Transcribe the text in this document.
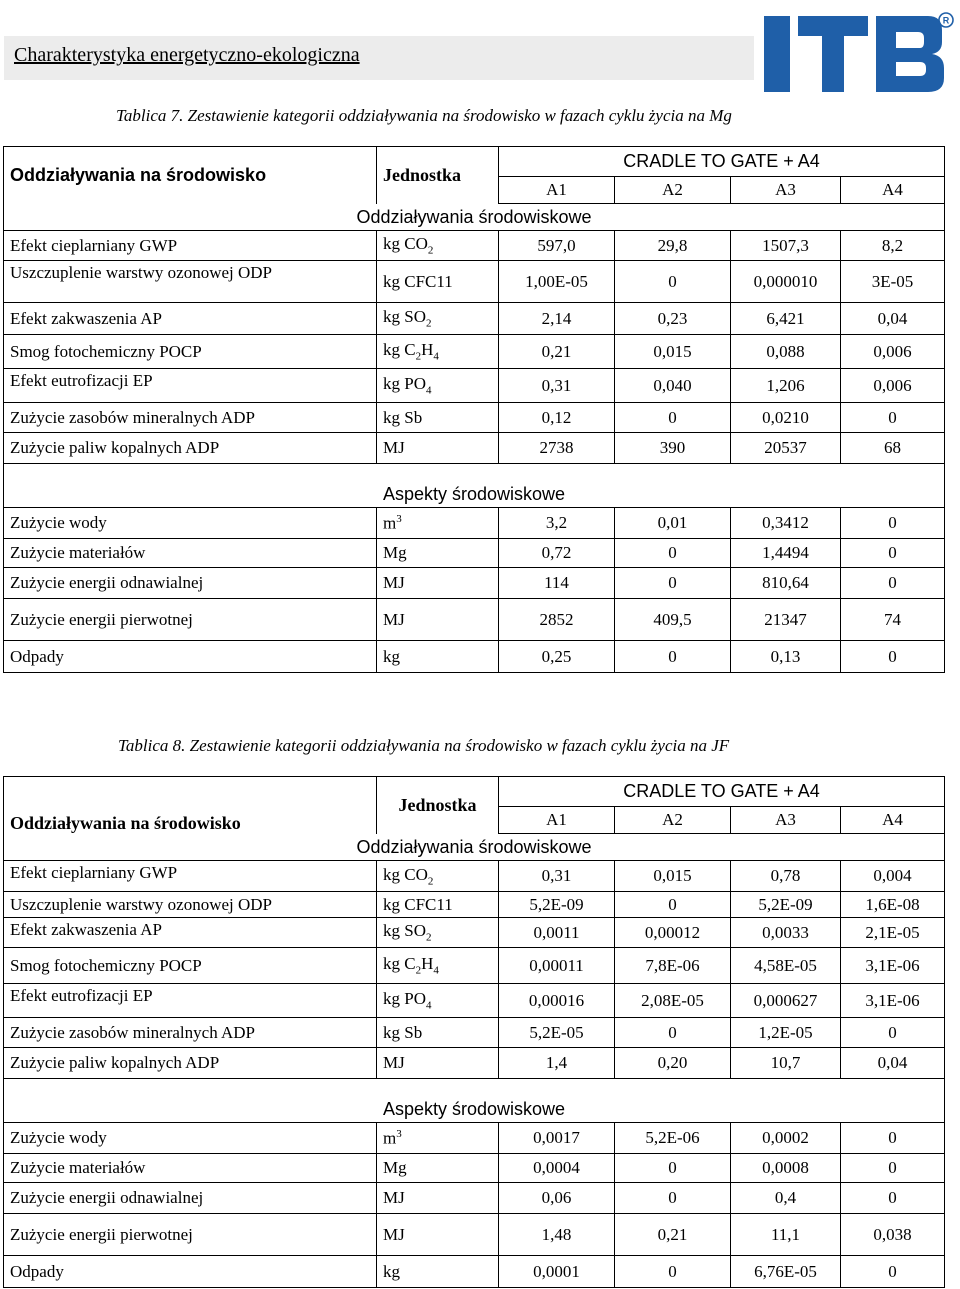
Charakterystyka energetyczno-ekologiczna
R
Tablica 7. Zestawienie kategorii oddziaływania na środowisko w fazach cyklu życia na Mg
Oddziaływania na środowisko	Jednostka	CRADLE TO GATE + A4			
		A1	A2	A3	A4
Oddziaływania środowiskowe					
Efekt cieplarniany GWP	kg $CO_2$	597,0	29,8	1507,3	8,2
Uszczuplenie warstwy ozonowej ODP	kg CFC11	1,00E-05	0	0,000010	3E-05
Efekt zakwaszenia AP	kg $SO_2$	2,14	0,23	6,421	0,04
Smog fotochemiczny POCP	kg $C_2H_4$	0,21	0,015	0,088	0,006
Efekt eutrofizacji EP	kg $PO_4$	0,31	0,040	1,206	0,006
Zużycie zasobów mineralnych ADP	kg Sb	0,12	0	0,0210	0
Zużycie paliw kopalnych ADP	MJ	2738	390	20537	68
Aspekty środowiskowe					
Zużycie wody	$m^3$	3,2	0,01	0,3412	0
Zużycie materiałów	Mg	0,72	0	1,4494	0
Zużycie energii odnawialnej	MJ	114	0	810,64	0
Zużycie energii pierwotnej	MJ	2852	409,5	21347	74
Odpady	kg	0,25	0	0,13	0
Tablica 8. Zestawienie kategorii oddziaływania na środowisko w fazach cyklu życia na JF
Oddziaływania na środowisko	Jednostka	CRADLE TO GATE + A4			
		A1	A2	A3	A4
Oddziaływania środowiskowe					
Efekt cieplarniany GWP	kg $CO_2$	0,31	0,015	0,78	0,004
Uszczuplenie warstwy ozonowej ODP	kg CFC11	5,2E-09	0	5,2E-09	1,6E-08
Efekt zakwaszenia AP	kg $SO_2$	0,0011	0,00012	0,0033	2,1E-05
Smog fotochemiczny POCP	kg $C_2H_4$	0,00011	7,8E-06	4,58E-05	3,1E-06
Efekt eutrofizacji EP	kg $PO_4$	0,00016	2,08E-05	0,000627	3,1E-06
Zużycie zasobów mineralnych ADP	kg Sb	5,2E-05	0	1,2E-05	0
Zużycie paliw kopalnych ADP	MJ	1,4	0,20	10,7	0,04
Aspekty środowiskowe					
Zużycie wody	$m^3$	0,0017	5,2E-06	0,0002	0
Zużycie materiałów	Mg	0,0004	0	0,0008	0
Zużycie energii odnawialnej	MJ	0,06	0	0,4	0
Zużycie energii pierwotnej	MJ	1,48	0,21	11,1	0,038
Odpady	kg	0,0001	0	6,76E-05	0
